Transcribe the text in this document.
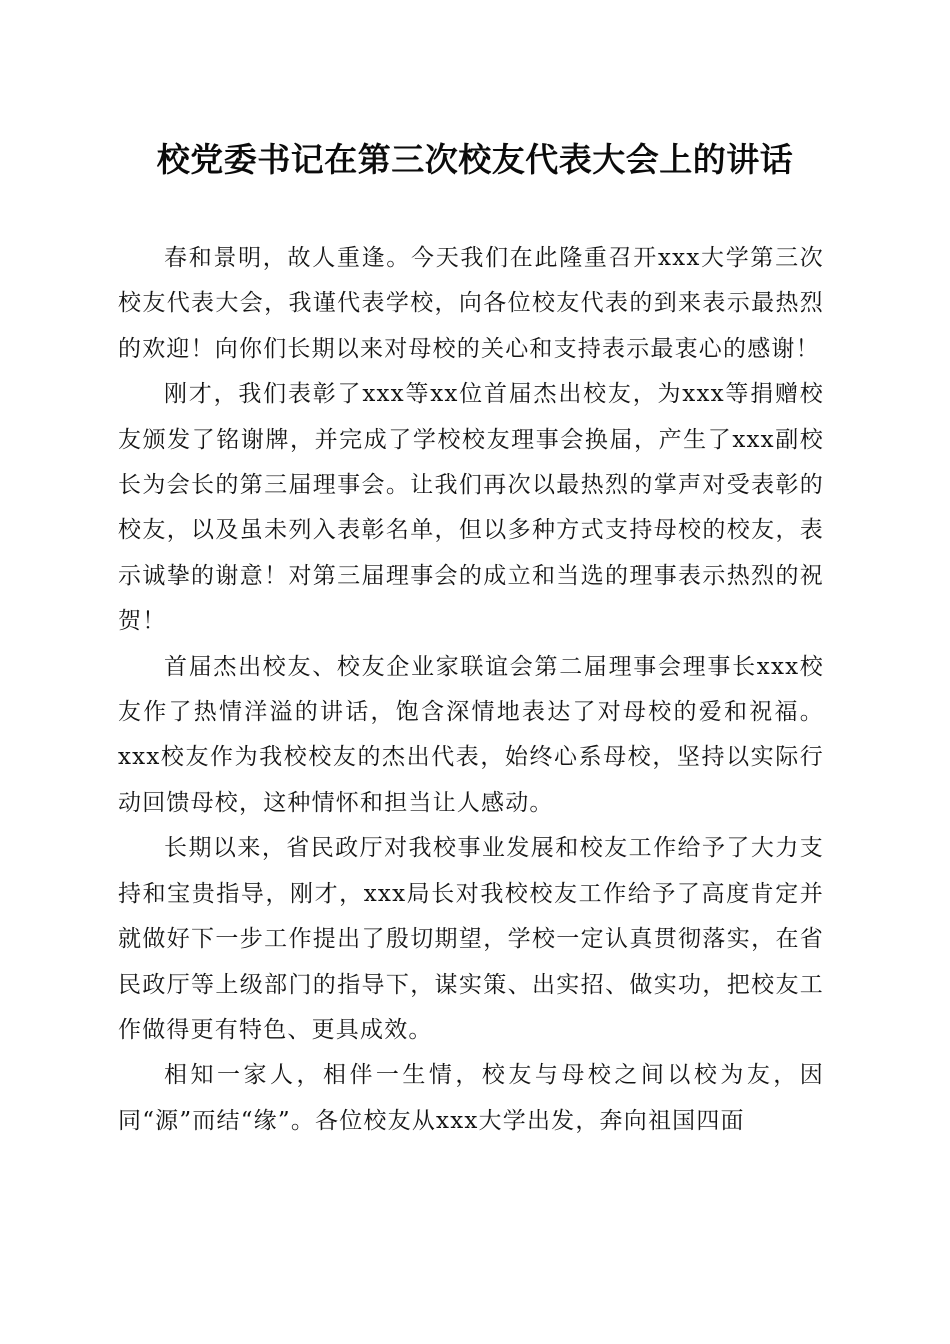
校党委书记在第三次校友代表大会上的讲话

春和景明，故人重逢。今天我们在此隆重召开xxx大学第三次校友代表大会，我谨代表学校，向各位校友代表的到来表示最热烈的欢迎！向你们长期以来对母校的关心和支持表示最衷心的感谢！

刚才，我们表彰了xxx等xx位首届杰出校友，为xxx等捐赠校友颁发了铭谢牌，并完成了学校校友理事会换届，产生了xxx副校长为会长的第三届理事会。让我们再次以最热烈的掌声对受表彰的校友，以及虽未列入表彰名单，但以多种方式支持母校的校友，表示诚挚的谢意！对第三届理事会的成立和当选的理事表示热烈的祝贺！

首届杰出校友、校友企业家联谊会第二届理事会理事长xxx校友作了热情洋溢的讲话，饱含深情地表达了对母校的爱和祝福。xxx校友作为我校校友的杰出代表，始终心系母校，坚持以实际行动回馈母校，这种情怀和担当让人感动。

长期以来，省民政厅对我校事业发展和校友工作给予了大力支持和宝贵指导，刚才，xxx局长对我校校友工作给予了高度肯定并就做好下一步工作提出了殷切期望，学校一定认真贯彻落实，在省民政厅等上级部门的指导下，谋实策、出实招、做实功，把校友工作做得更有特色、更具成效。

相知一家人，相伴一生情，校友与母校之间以校为友，因同“源”而结“缘”。各位校友从xxx大学出发，奔向祖国四面
